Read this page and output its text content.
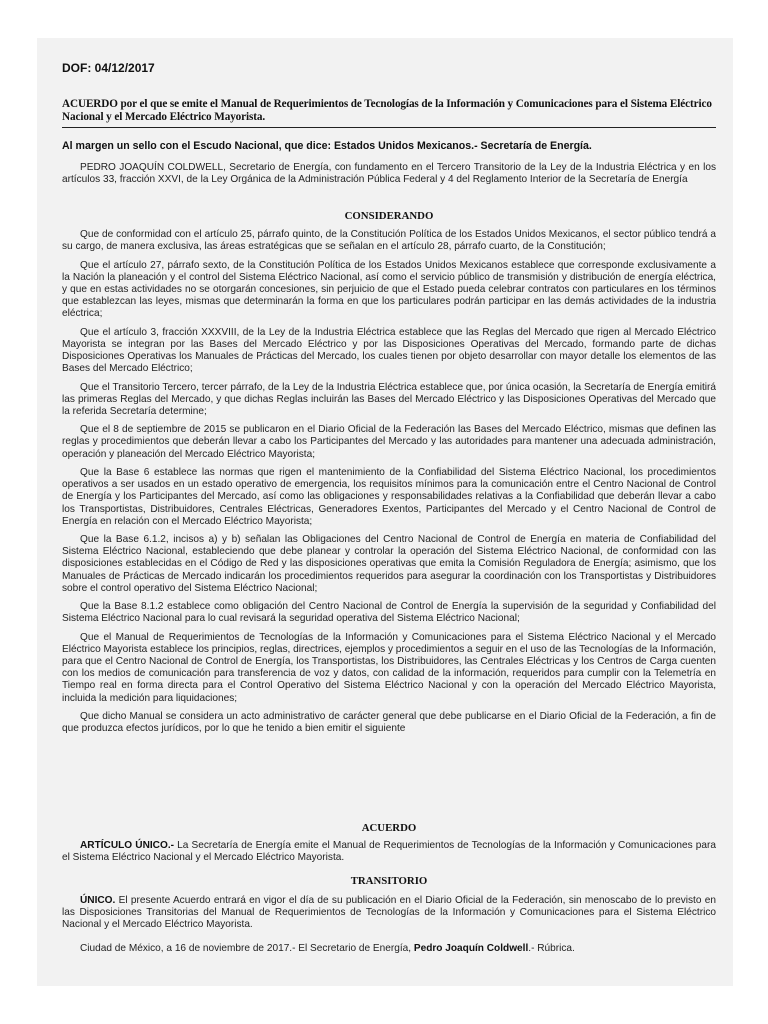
DOF: 04/12/2017
ACUERDO por el que se emite el Manual de Requerimientos de Tecnologías de la Información y Comunicaciones para el Sistema Eléctrico Nacional y el Mercado Eléctrico Mayorista.
Al margen un sello con el Escudo Nacional, que dice: Estados Unidos Mexicanos.- Secretaría de Energía.

PEDRO JOAQUÍN COLDWELL, Secretario de Energía, con fundamento en el Tercero Transitorio de la Ley de la Industria Eléctrica y en los artículos 33, fracción XXVI, de la Ley Orgánica de la Administración Pública Federal y 4 del Reglamento Interior de la Secretaría de Energía

CONSIDERANDO

Que de conformidad con el artículo 25, párrafo quinto, de la Constitución Política de los Estados Unidos Mexicanos, el sector público tendrá a su cargo, de manera exclusiva, las áreas estratégicas que se señalan en el artículo 28, párrafo cuarto, de la Constitución;

Que el artículo 27, párrafo sexto, de la Constitución Política de los Estados Unidos Mexicanos establece que corresponde exclusivamente a la Nación la planeación y el control del Sistema Eléctrico Nacional, así como el servicio público de transmisión y distribución de energía eléctrica, y que en estas actividades no se otorgarán concesiones, sin perjuicio de que el Estado pueda celebrar contratos con particulares en los términos que establezcan las leyes, mismas que determinarán la forma en que los particulares podrán participar en las demás actividades de la industria eléctrica;

Que el artículo 3, fracción XXXVIII, de la Ley de la Industria Eléctrica establece que las Reglas del Mercado que rigen al Mercado Eléctrico Mayorista se integran por las Bases del Mercado Eléctrico y por las Disposiciones Operativas del Mercado, formando parte de dichas Disposiciones Operativas los Manuales de Prácticas del Mercado, los cuales tienen por objeto desarrollar con mayor detalle los elementos de las Bases del Mercado Eléctrico;

Que el Transitorio Tercero, tercer párrafo, de la Ley de la Industria Eléctrica establece que, por única ocasión, la Secretaría de Energía emitirá las primeras Reglas del Mercado, y que dichas Reglas incluirán las Bases del Mercado Eléctrico y las Disposiciones Operativas del Mercado que la referida Secretaría determine;

Que el 8 de septiembre de 2015 se publicaron en el Diario Oficial de la Federación las Bases del Mercado Eléctrico, mismas que definen las reglas y procedimientos que deberán llevar a cabo los Participantes del Mercado y las autoridades para mantener una adecuada administración, operación y planeación del Mercado Eléctrico Mayorista;

Que la Base 6 establece las normas que rigen el mantenimiento de la Confiabilidad del Sistema Eléctrico Nacional, los procedimientos operativos a ser usados en un estado operativo de emergencia, los requisitos mínimos para la comunicación entre el Centro Nacional de Control de Energía y los Participantes del Mercado, así como las obligaciones y responsabilidades relativas a la Confiabilidad que deberán llevar a cabo los Transportistas, Distribuidores, Centrales Eléctricas, Generadores Exentos, Participantes del Mercado y el Centro Nacional de Control de Energía en relación con el Mercado Eléctrico Mayorista;

Que la Base 6.1.2, incisos a) y b) señalan las Obligaciones del Centro Nacional de Control de Energía en materia de Confiabilidad del Sistema Eléctrico Nacional, estableciendo que debe planear y controlar la operación del Sistema Eléctrico Nacional, de conformidad con las disposiciones establecidas en el Código de Red y las disposiciones operativas que emita la Comisión Reguladora de Energía; asimismo, que los Manuales de Prácticas de Mercado indicarán los procedimientos requeridos para asegurar la coordinación con los Transportistas y Distribuidores sobre el control operativo del Sistema Eléctrico Nacional;

Que la Base 8.1.2 establece como obligación del Centro Nacional de Control de Energía la supervisión de la seguridad y Confiabilidad del Sistema Eléctrico Nacional para lo cual revisará la seguridad operativa del Sistema Eléctrico Nacional;

Que el Manual de Requerimientos de Tecnologías de la Información y Comunicaciones para el Sistema Eléctrico Nacional y el Mercado Eléctrico Mayorista establece los principios, reglas, directrices, ejemplos y procedimientos a seguir en el uso de las Tecnologías de la Información, para que el Centro Nacional de Control de Energía, los Transportistas, los Distribuidores, las Centrales Eléctricas y los Centros de Carga cuenten con los medios de comunicación para transferencia de voz y datos, con calidad de la información, requeridos para cumplir con la Telemetría en Tiempo real en forma directa para el Control Operativo del Sistema Eléctrico Nacional y con la operación del Mercado Eléctrico Mayorista, incluida la medición para liquidaciones;

Que dicho Manual se considera un acto administrativo de carácter general que debe publicarse en el Diario Oficial de la Federación, a fin de que produzca efectos jurídicos, por lo que he tenido a bien emitir el siguiente

ACUERDO

ARTÍCULO ÚNICO.- La Secretaría de Energía emite el Manual de Requerimientos de Tecnologías de la Información y Comunicaciones para el Sistema Eléctrico Nacional y el Mercado Eléctrico Mayorista.

TRANSITORIO

ÚNICO. El presente Acuerdo entrará en vigor el día de su publicación en el Diario Oficial de la Federación, sin menoscabo de lo previsto en las Disposiciones Transitorias del Manual de Requerimientos de Tecnologías de la Información y Comunicaciones para el Sistema Eléctrico Nacional y el Mercado Eléctrico Mayorista.

Ciudad de México, a 16 de noviembre de 2017.- El Secretario de Energía, Pedro Joaquín Coldwell.- Rúbrica.
